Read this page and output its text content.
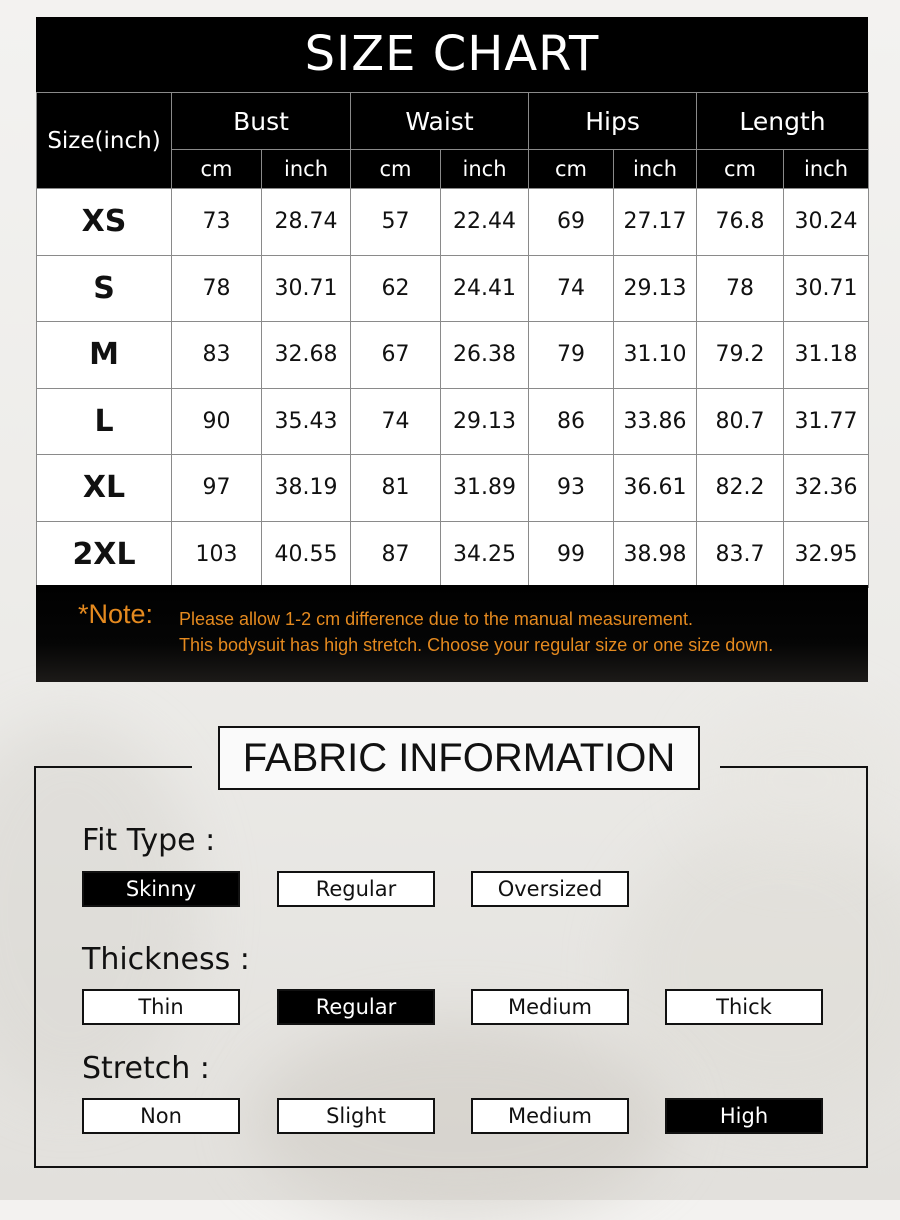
SIZE CHART
Size(inch)	Bust		Waist		Hips		Length	
	cm	inch	cm	inch	cm	inch	cm	inch
XS	73	28.74	57	22.44	69	27.17	76.8	30.24
S	78	30.71	62	24.41	74	29.13	78	30.71
M	83	32.68	67	26.38	79	31.10	79.2	31.18
L	90	35.43	74	29.13	86	33.86	80.7	31.77
XL	97	38.19	81	31.89	93	36.61	82.2	32.36
2XL	103	40.55	87	34.25	99	38.98	83.7	32.95
*Note: Please allow 1-2 cm difference due to the manual measurement.
This bodysuit has high stretch. Choose your regular size or one size down.
FABRIC INFORMATION
Fit Type :
Skinny	Regular	Oversized
Thickness :
Thin	Regular	Medium	Thick
Stretch :
Non	Slight	Medium	High
